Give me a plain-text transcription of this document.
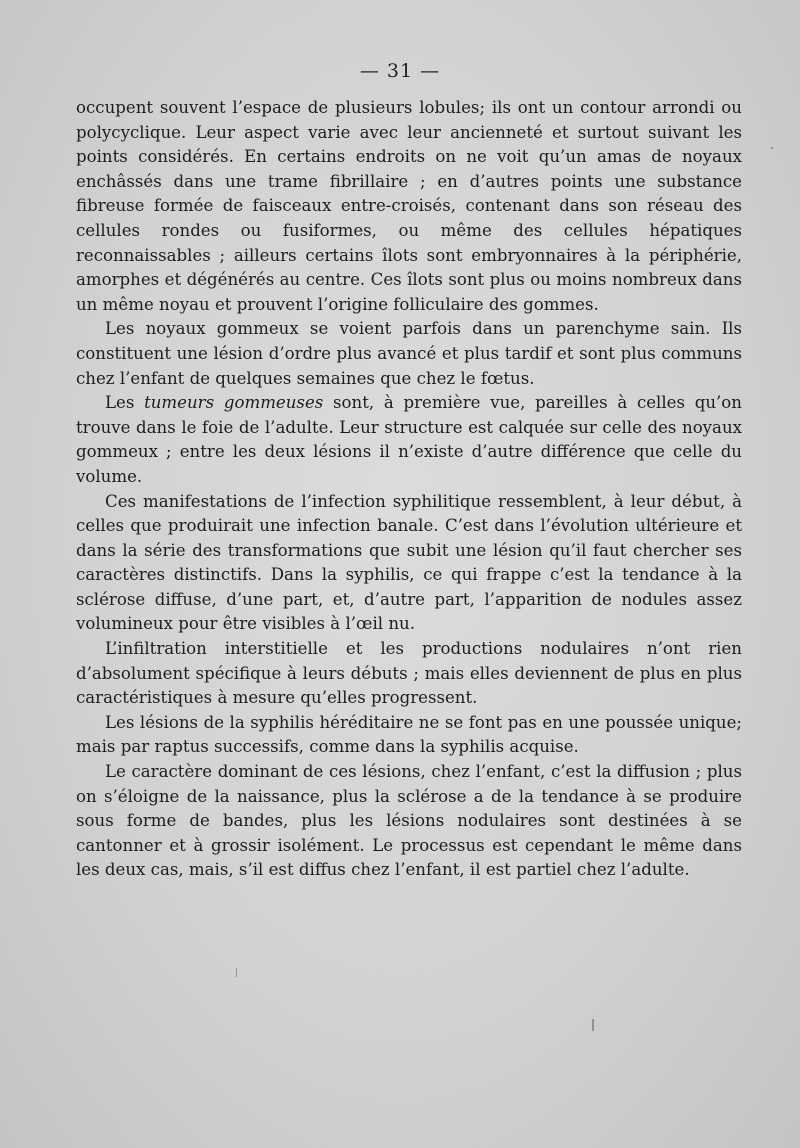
— 31 —

occupent souvent l’espace de plusieurs lobules; ils ont un contour arrondi ou polycyclique. Leur aspect varie avec leur ancienneté et surtout suivant les points considérés. En certains endroits on ne voit qu’un amas de noyaux enchâssés dans une trame fibrillaire ; en d’autres points une substance fibreuse formée de faisceaux entre-croisés, contenant dans son réseau des cellules rondes ou fusiformes, ou même des cellules hépatiques reconnaissables ; ailleurs certains îlots sont embryonnaires à la périphérie, amorphes et dégénérés au centre. Ces îlots sont plus ou moins nombreux dans un même noyau et prouvent l’origine folliculaire des gommes.

Les noyaux gommeux se voient parfois dans un parenchyme sain. Ils constituent une lésion d’ordre plus avancé et plus tardif et sont plus communs chez l’enfant de quelques semaines que chez le fœtus.

Les tumeurs gommeuses sont, à première vue, pareilles à celles qu’on trouve dans le foie de l’adulte. Leur structure est calquée sur celle des noyaux gommeux ; entre les deux lésions il n’existe d’autre différence que celle du volume.

Ces manifestations de l’infection syphilitique ressemblent, à leur début, à celles que produirait une infection banale. C’est dans l’évolution ultérieure et dans la série des transformations que subit une lésion qu’il faut chercher ses caractères distinctifs. Dans la syphilis, ce qui frappe c’est la tendance à la sclérose diffuse, d’une part, et, d’autre part, l’apparition de nodules assez volumineux pour être visibles à l’œil nu.

L’infiltration interstitielle et les productions nodulaires n’ont rien d’absolument spécifique à leurs débuts ; mais elles deviennent de plus en plus caractéristiques à mesure qu’elles progressent.

Les lésions de la syphilis héréditaire ne se font pas en une poussée unique; mais par raptus successifs, comme dans la syphilis acquise.

Le caractère dominant de ces lésions, chez l’enfant, c’est la diffusion ; plus on s’éloigne de la naissance, plus la sclérose a de la tendance à se produire sous forme de bandes, plus les lésions nodulaires sont destinées à se cantonner et à grossir isolément. Le processus est cependant le même dans les deux cas, mais, s’il est diffus chez l’enfant, il est partiel chez l’adulte.
